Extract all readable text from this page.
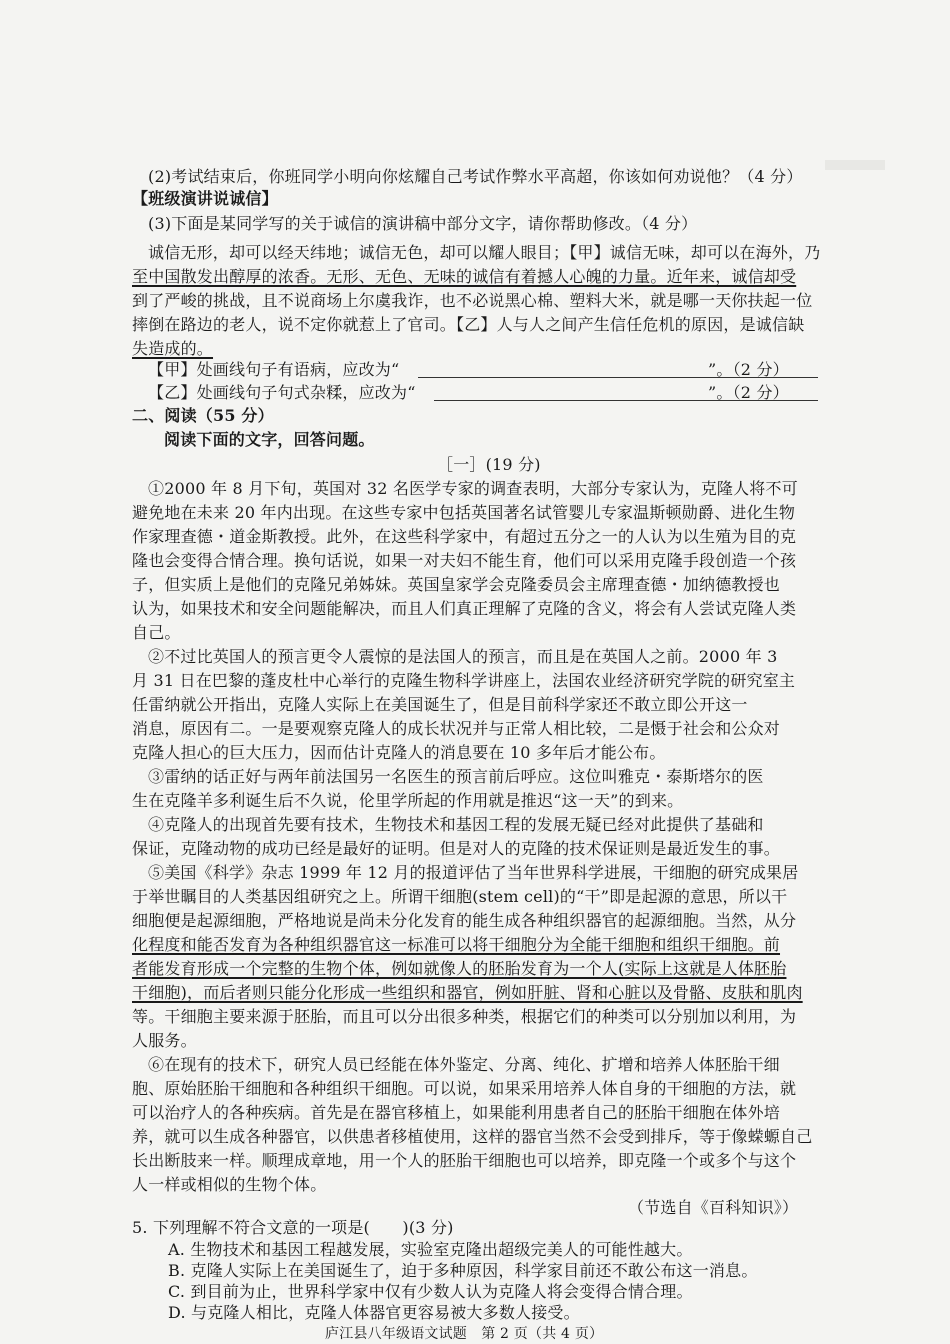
(2)考试结束后，你班同学小明向你炫耀自己考试作弊水平高超，你该如何劝说他？（4 分）
【班级演讲说诚信】
(3)下面是某同学写的关于诚信的演讲稿中部分文字，请你帮助修改。（4 分）
诚信无形，却可以经天纬地；诚信无色，却可以耀人眼目；【甲】诚信无味，却可以在海外，乃
至中国散发出醇厚的浓香。无形、无色、无味的诚信有着撼人心魄的力量。近年来，诚信却受
到了严峻的挑战，且不说商场上尔虞我诈，也不必说黑心棉、塑料大米，就是哪一天你扶起一位
摔倒在路边的老人，说不定你就惹上了官司。【乙】人与人之间产生信任危机的原因，是诚信缺
失造成的。
【甲】处画线句子有语病，应改为“	”。（2 分）
【乙】处画线句子句式杂糅，应改为“	”。（2 分）
二、阅读（55 分）
阅读下面的文字，回答问题。
［一］(19 分)
①2000 年 8 月下旬，英国对 32 名医学专家的调查表明，大部分专家认为，克隆人将不可
避免地在未来 20 年内出现。在这些专家中包括英国著名试管婴儿专家温斯顿勋爵、进化生物
作家理查德・道金斯教授。此外，在这些科学家中，有超过五分之一的人认为以生殖为目的克
隆也会变得合情合理。换句话说，如果一对夫妇不能生育，他们可以采用克隆手段创造一个孩
子，但实质上是他们的克隆兄弟姊妹。英国皇家学会克隆委员会主席理查德・加纳德教授也
认为，如果技术和安全问题能解决，而且人们真正理解了克隆的含义，将会有人尝试克隆人类
自己。
②不过比英国人的预言更令人震惊的是法国人的预言，而且是在英国人之前。2000 年 3
月 31 日在巴黎的蓬皮杜中心举行的克隆生物科学讲座上，法国农业经济研究学院的研究室主
任雷纳就公开指出，克隆人实际上在美国诞生了，但是目前科学家还不敢立即公开这一
消息，原因有二。一是要观察克隆人的成长状况并与正常人相比较，二是慑于社会和公众对
克隆人担心的巨大压力，因而估计克隆人的消息要在 10 多年后才能公布。
③雷纳的话正好与两年前法国另一名医生的预言前后呼应。这位叫雅克・泰斯塔尔的医
生在克隆羊多利诞生后不久说，伦里学所起的作用就是推迟“这一天”的到来。
④克隆人的出现首先要有技术，生物技术和基因工程的发展无疑已经对此提供了基础和
保证，克隆动物的成功已经是最好的证明。但是对人的克隆的技术保证则是最近发生的事。
⑤美国《科学》杂志 1999 年 12 月的报道评估了当年世界科学进展，干细胞的研究成果居
于举世瞩目的人类基因组研究之上。所谓干细胞(stem cell)的“干”即是起源的意思，所以干
细胞便是起源细胞，严格地说是尚未分化发育的能生成各种组织器官的起源细胞。当然，从分
化程度和能否发育为各种组织器官这一标准可以将干细胞分为全能干细胞和组织干细胞。前
者能发育形成一个完整的生物个体，例如就像人的胚胎发育为一个人(实际上这就是人体胚胎
干细胞)，而后者则只能分化形成一些组织和器官，例如肝脏、肾和心脏以及骨骼、皮肤和肌肉
等。干细胞主要来源于胚胎，而且可以分出很多种类，根据它们的种类可以分别加以利用，为
人服务。
⑥在现有的技术下，研究人员已经能在体外鉴定、分离、纯化、扩增和培养人体胚胎干细
胞、原始胚胎干细胞和各种组织干细胞。可以说，如果采用培养人体自身的干细胞的方法，就
可以治疗人的各种疾病。首先是在器官移植上，如果能利用患者自己的胚胎干细胞在体外培
养，就可以生成各种器官，以供患者移植使用，这样的器官当然不会受到排斥，等于像蝾螈自己
长出断肢来一样。顺理成章地，用一个人的胚胎干细胞也可以培养，即克隆一个或多个与这个
人一样或相似的生物个体。
（节选自《百科知识》）
5. 下列理解不符合文意的一项是(　　)(3 分)
A. 生物技术和基因工程越发展，实验室克隆出超级完美人的可能性越大。
B. 克隆人实际上在美国诞生了，迫于多种原因，科学家目前还不敢公布这一消息。
C. 到目前为止，世界科学家中仅有少数人认为克隆人将会变得合情合理。
D. 与克隆人相比，克隆人体器官更容易被大多数人接受。
庐江县八年级语文试题　第 2 页（共 4 页）
